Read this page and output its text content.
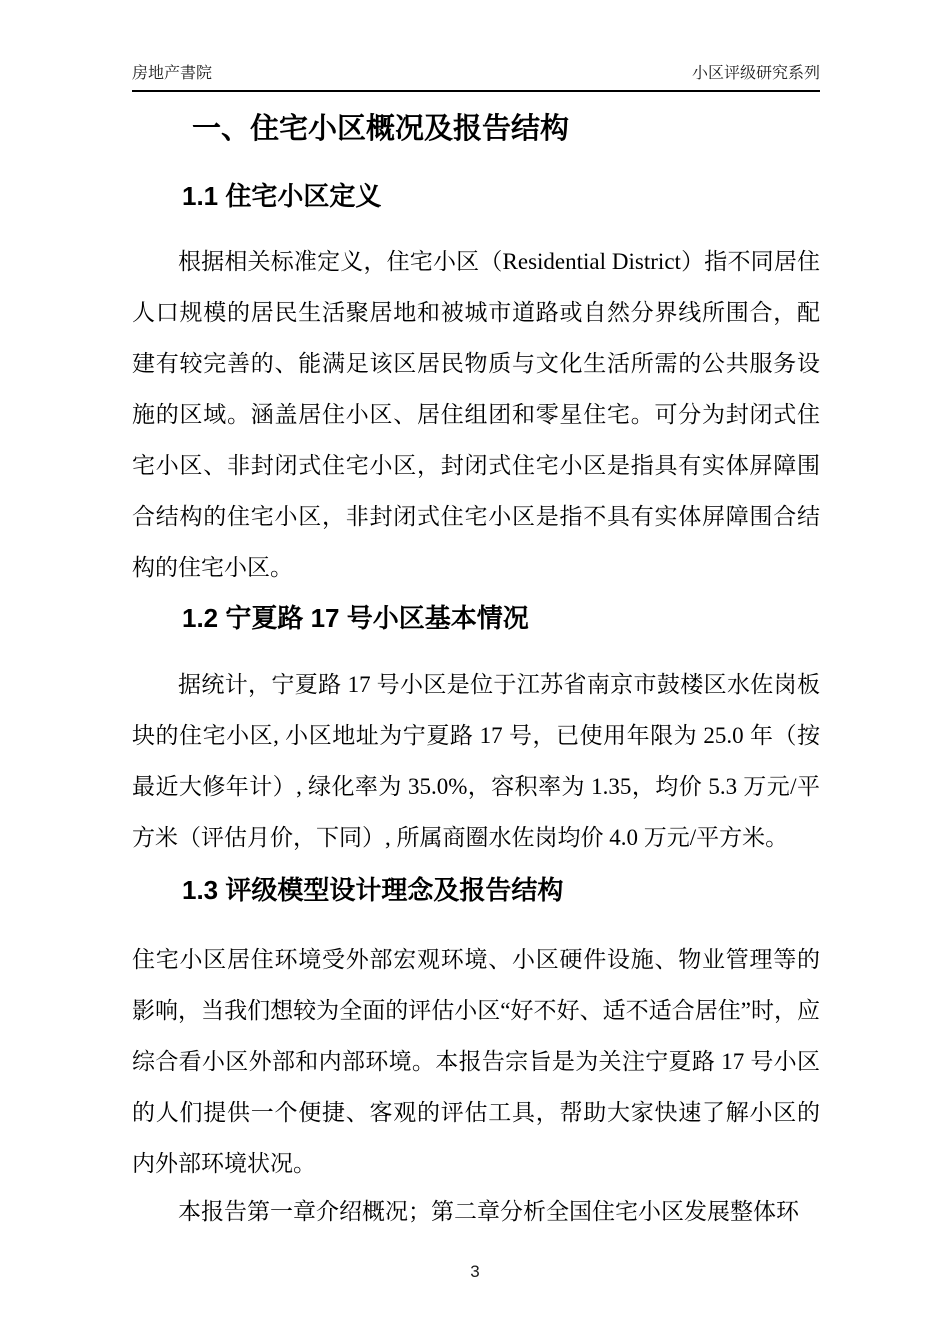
房地产書院	小区评级研究系列
一、住宅小区概况及报告结构
1.1 住宅小区定义

根据相关标准定义，住宅小区（Residential District）指不同居住人口规模的居民生活聚居地和被城市道路或自然分界线所围合，配建有较完善的、能满足该区居民物质与文化生活所需的公共服务设施的区域。涵盖居住小区、居住组团和零星住宅。可分为封闭式住宅小区、非封闭式住宅小区，封闭式住宅小区是指具有实体屏障围合结构的住宅小区，非封闭式住宅小区是指不具有实体屏障围合结构的住宅小区。

1.2 宁夏路 17 号小区基本情况

据统计，宁夏路 17 号小区是位于江苏省南京市鼓楼区水佐岗板块的住宅小区, 小区地址为宁夏路 17 号，已使用年限为 25.0 年（按最近大修年计）, 绿化率为 35.0%，容积率为 1.35，均价 5.3 万元/平方米（评估月价，下同）, 所属商圈水佐岗均价 4.0 万元/平方米。

1.3 评级模型设计理念及报告结构

住宅小区居住环境受外部宏观环境、小区硬件设施、物业管理等的影响，当我们想较为全面的评估小区“好不好、适不适合居住”时，应综合看小区外部和内部环境。本报告宗旨是为关注宁夏路 17 号小区的人们提供一个便捷、客观的评估工具，帮助大家快速了解小区的内外部环境状况。

本报告第一章介绍概况；第二章分析全国住宅小区发展整体环

3
